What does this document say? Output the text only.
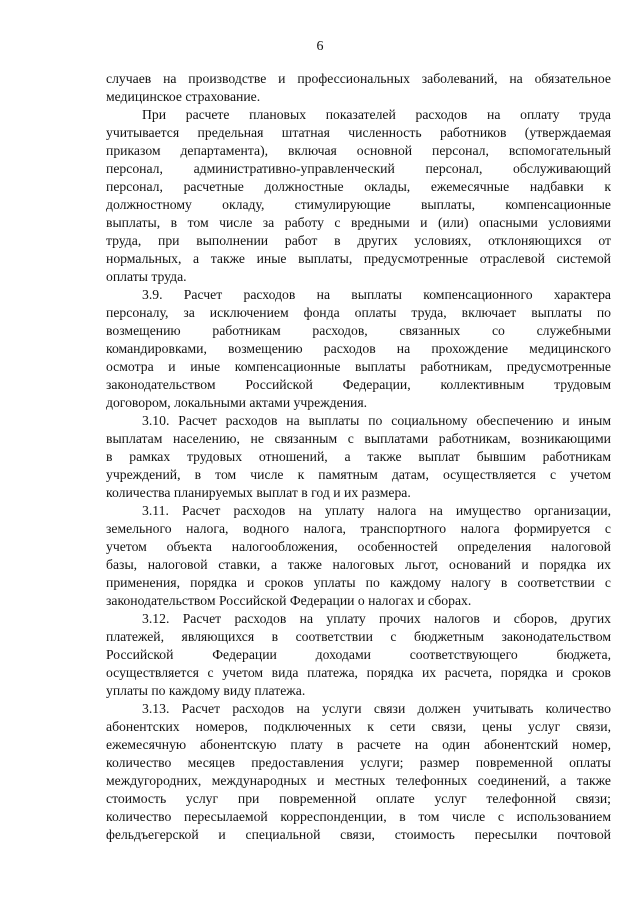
6
случаев на производстве и профессиональных заболеваний, на обязательное
медицинское страхование.
При расчете плановых показателей расходов на оплату труда
учитывается предельная штатная численность работников (утверждаемая
приказом департамента), включая основной персонал, вспомогательный
персонал, административно-управленческий персонал, обслуживающий
персонал, расчетные должностные оклады, ежемесячные надбавки к
должностному окладу, стимулирующие выплаты, компенсационные
выплаты, в том числе за работу с вредными и (или) опасными условиями
труда, при выполнении работ в других условиях, отклоняющихся от
нормальных, а также иные выплаты, предусмотренные отраслевой системой
оплаты труда.
3.9. Расчет расходов на выплаты компенсационного характера
персоналу, за исключением фонда оплаты труда, включает выплаты по
возмещению работникам расходов, связанных со служебными
командировками, возмещению расходов на прохождение медицинского
осмотра и иные компенсационные выплаты работникам, предусмотренные
законодательством Российской Федерации, коллективным трудовым
договором, локальными актами учреждения.
3.10. Расчет расходов на выплаты по социальному обеспечению и иным
выплатам населению, не связанным с выплатами работникам, возникающими
в рамках трудовых отношений, а также выплат бывшим работникам
учреждений, в том числе к памятным датам, осуществляется с учетом
количества планируемых выплат в год и их размера.
3.11. Расчет расходов на уплату налога на имущество организации,
земельного налога, водного налога, транспортного налога формируется с
учетом объекта налогообложения, особенностей определения налоговой
базы, налоговой ставки, а также налоговых льгот, оснований и порядка их
применения, порядка и сроков уплаты по каждому налогу в соответствии с
законодательством Российской Федерации о налогах и сборах.
3.12. Расчет расходов на уплату прочих налогов и сборов, других
платежей, являющихся в соответствии с бюджетным законодательством
Российской Федерации доходами соответствующего бюджета,
осуществляется с учетом вида платежа, порядка их расчета, порядка и сроков
уплаты по каждому виду платежа.
3.13. Расчет расходов на услуги связи должен учитывать количество
абонентских номеров, подключенных к сети связи, цены услуг связи,
ежемесячную абонентскую плату в расчете на один абонентский номер,
количество месяцев предоставления услуги; размер повременной оплаты
междугородних, международных и местных телефонных соединений, а также
стоимость услуг при повременной оплате услуг телефонной связи;
количество пересылаемой корреспонденции, в том числе с использованием
фельдъегерской и специальной связи, стоимость пересылки почтовой
